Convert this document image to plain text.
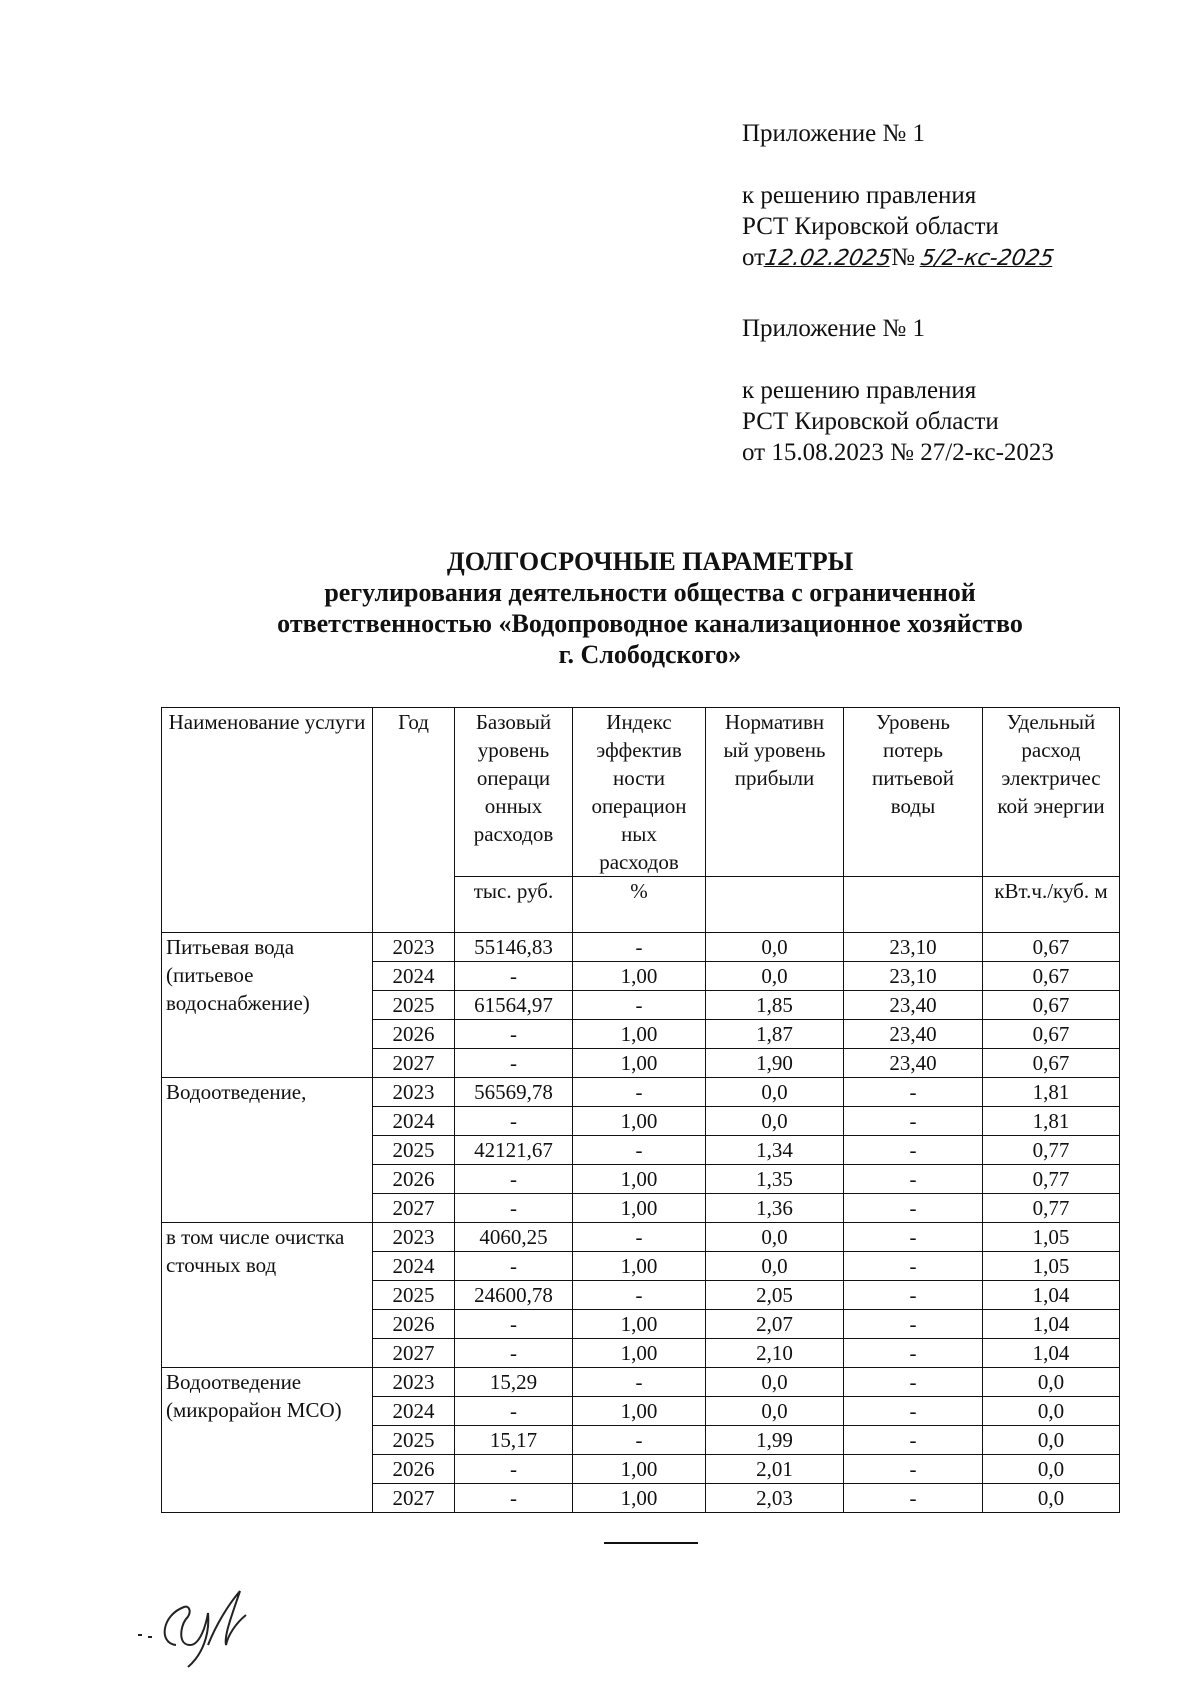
Приложение № 1
к решению правления
РСТ Кировской области
от12.02.2025№ 5/2-кс-2025
Приложение № 1
к решению правления
РСТ Кировской области
от 15.08.2023 № 27/2-кс-2023
ДОЛГОСРОЧНЫЕ ПАРАМЕТРЫ
регулирования деятельности общества с ограниченной
ответственностью «Водопроводное канализационное хозяйство
г. Слободского»
Наименование услуги	Год	Базовый уровень операци онных расходов	Индекс эффектив ности операцион ных расходов	Нормативн ый уровень прибыли	Уровень потерь питьевой воды	Удельный расход электричес кой энергии
		тыс. руб.	%			кВт.ч./куб. м
Питьевая вода (питьевое водоснабжение)	2023	55146,83	-	0,0	23,10	0,67
	2024	-	1,00	0,0	23,10	0,67
	2025	61564,97	-	1,85	23,40	0,67
	2026	-	1,00	1,87	23,40	0,67
	2027	-	1,00	1,90	23,40	0,67
Водоотведение,	2023	56569,78	-	0,0	-	1,81
	2024	-	1,00	0,0	-	1,81
	2025	42121,67	-	1,34	-	0,77
	2026	-	1,00	1,35	-	0,77
	2027	-	1,00	1,36	-	0,77
в том числе очистка сточных вод	2023	4060,25	-	0,0	-	1,05
	2024	-	1,00	0,0	-	1,05
	2025	24600,78	-	2,05	-	1,04
	2026	-	1,00	2,07	-	1,04
	2027	-	1,00	2,10	-	1,04
Водоотведение (микрорайон МСО)	2023	15,29	-	0,0	-	0,0
	2024	-	1,00	0,0	-	0,0
	2025	15,17	-	1,99	-	0,0
	2026	-	1,00	2,01	-	0,0
	2027	-	1,00	2,03	-	0,0
